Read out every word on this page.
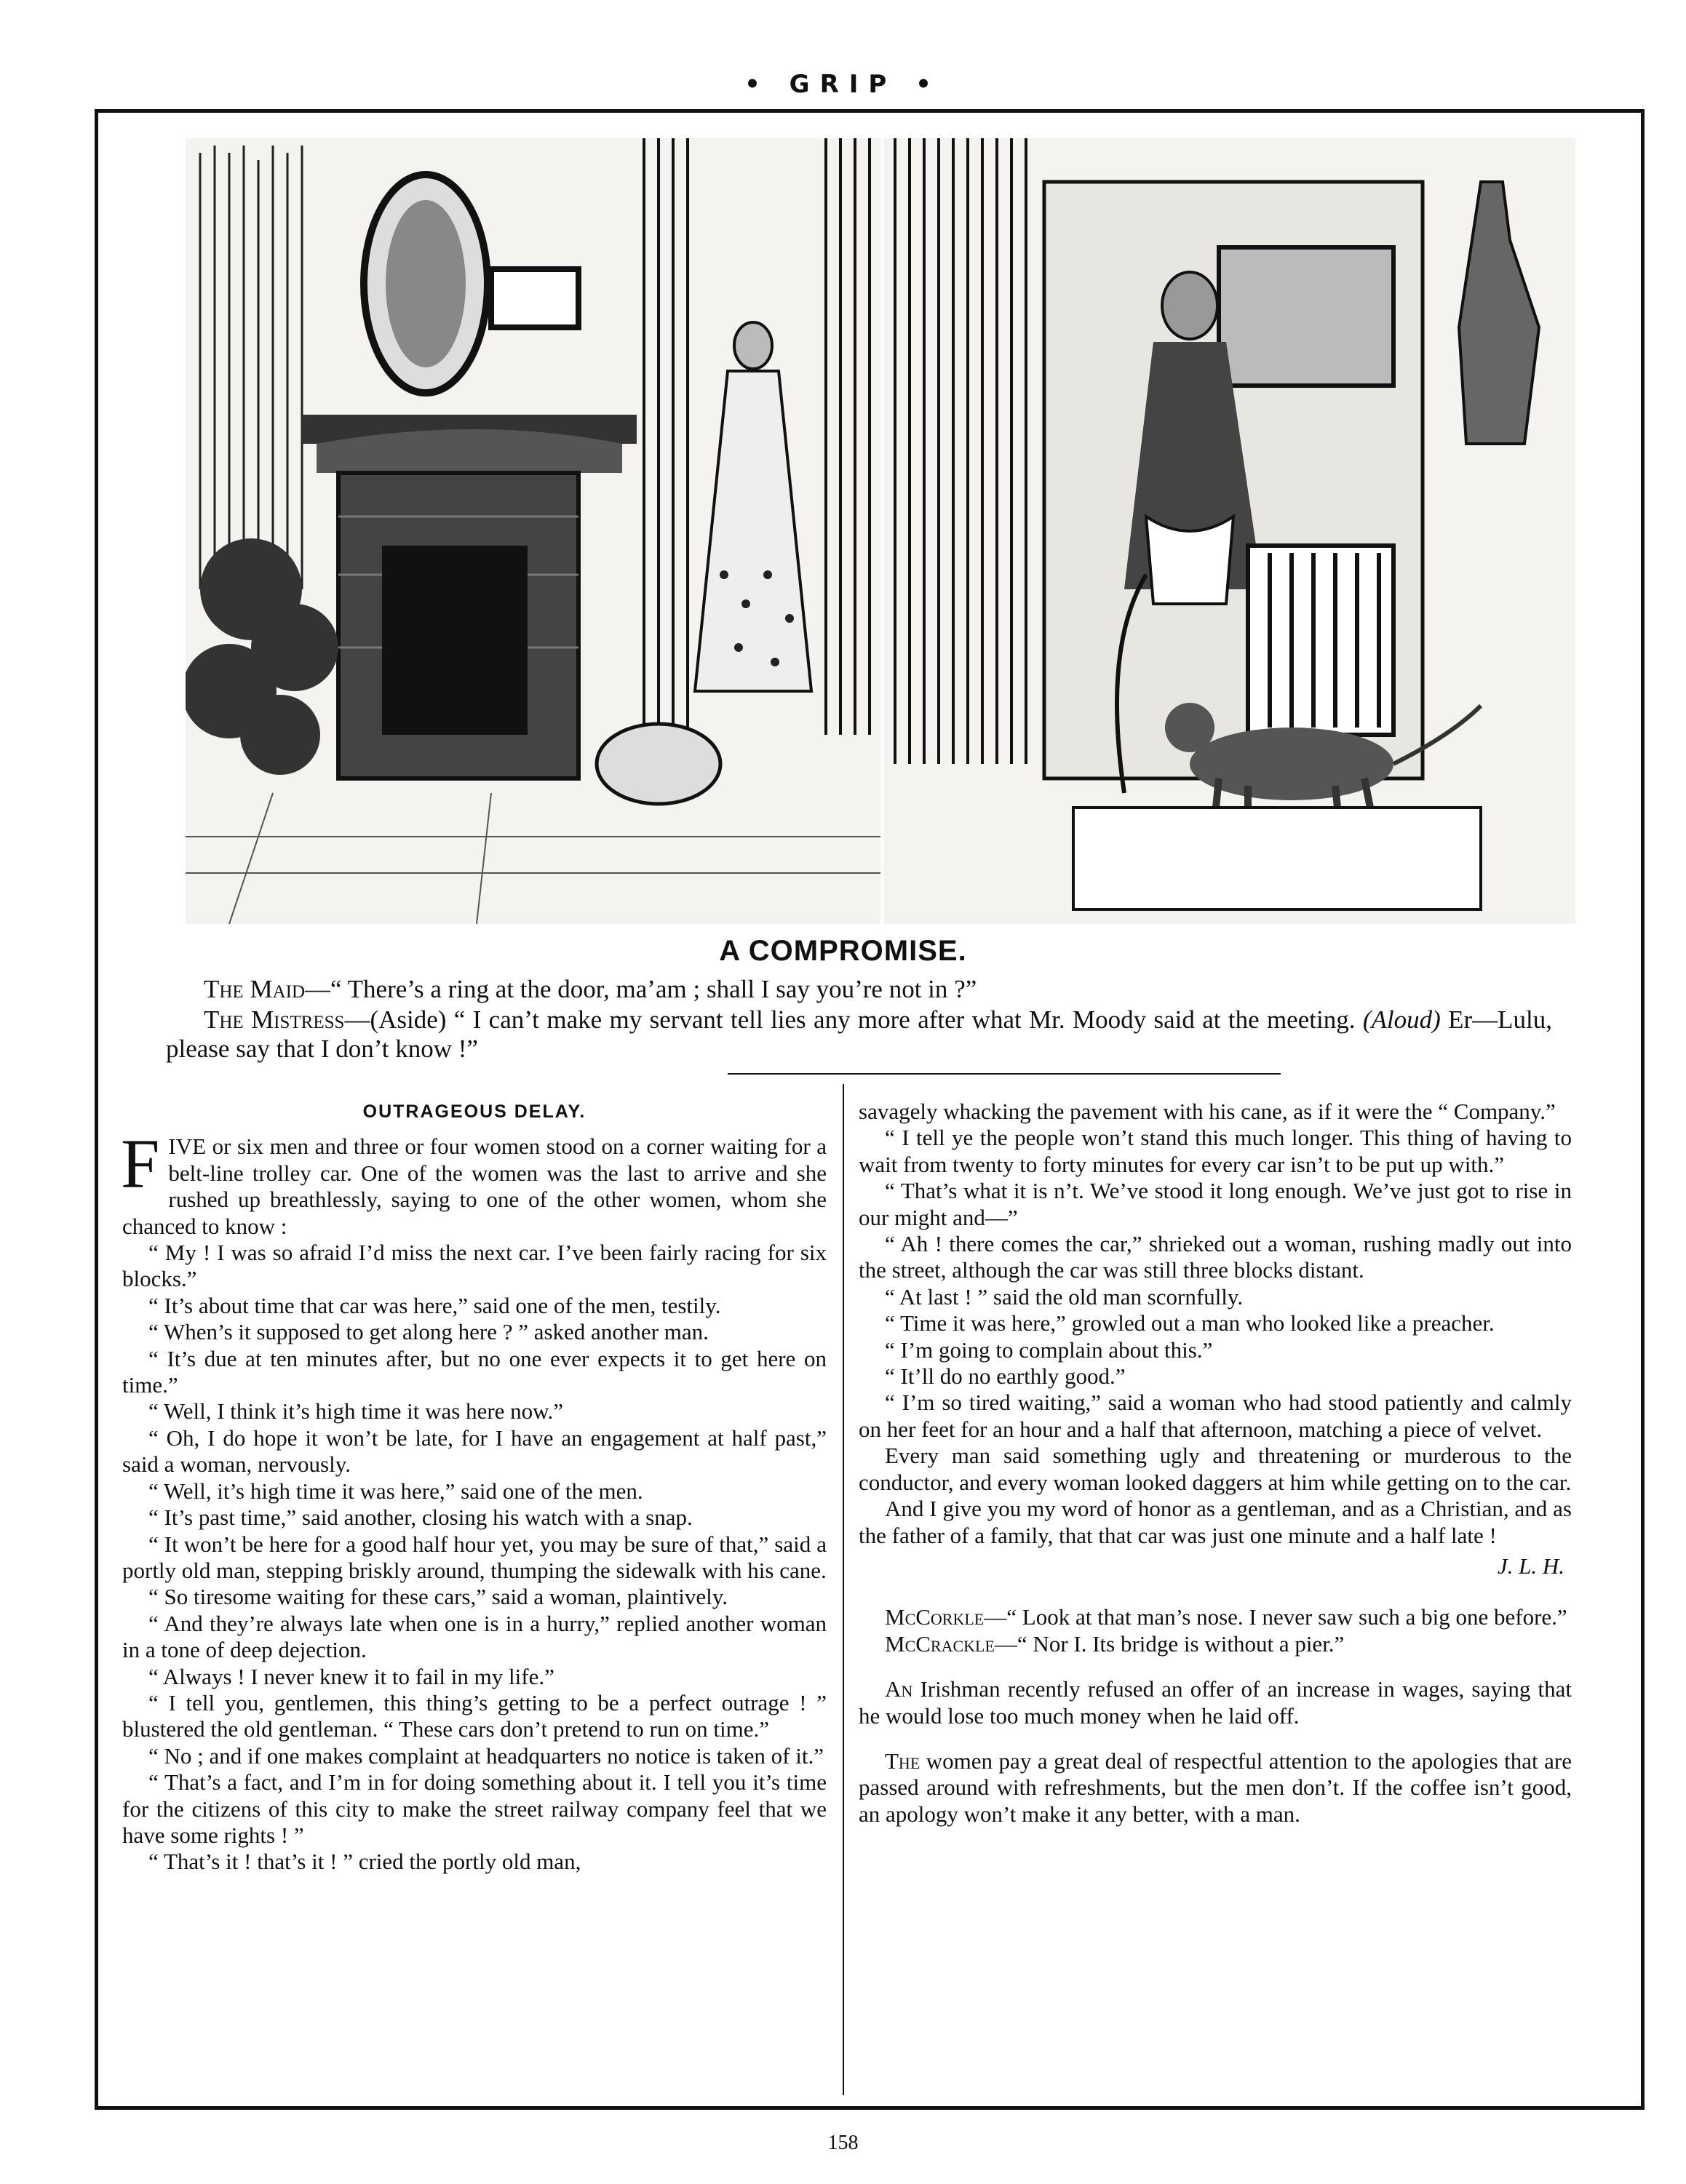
• GRIP •
A COMPROMISE.
The Maid—“ There’s a ring at the door, ma’am ; shall I say you’re not in ?”
The Mistress—(Aside) “ I can’t make my servant tell lies any more after what Mr. Moody said at the meeting. (Aloud) Er—Lulu, please say that I don’t know !”
OUTRAGEOUS DELAY.
F IVE or six men and three or four women stood on a corner waiting for a belt-line trolley car. One of the women was the last to arrive and she rushed up breathlessly, saying to one of the other women, whom she chanced to know :

“ My ! I was so afraid I’d miss the next car. I’ve been fairly racing for six blocks.”

“ It’s about time that car was here,” said one of the men, testily.

“ When’s it supposed to get along here ? ” asked another man.

“ It’s due at ten minutes after, but no one ever expects it to get here on time.”

“ Well, I think it’s high time it was here now.”

“ Oh, I do hope it won’t be late, for I have an engagement at half past,” said a woman, nervously.

“ Well, it’s high time it was here,” said one of the men.

“ It’s past time,” said another, closing his watch with a snap.

“ It won’t be here for a good half hour yet, you may be sure of that,” said a portly old man, stepping briskly around, thumping the sidewalk with his cane.

“ So tiresome waiting for these cars,” said a woman, plaintively.

“ And they’re always late when one is in a hurry,” replied another woman in a tone of deep dejection.

“ Always ! I never knew it to fail in my life.”

“ I tell you, gentlemen, this thing’s getting to be a perfect outrage ! ” blustered the old gentleman. “ These cars don’t pretend to run on time.”

“ No ; and if one makes complaint at headquarters no notice is taken of it.”

“ That’s a fact, and I’m in for doing something about it. I tell you it’s time for the citizens of this city to make the street railway company feel that we have some rights ! ”

“ That’s it ! that’s it ! ” cried the portly old man,

savagely whacking the pavement with his cane, as if it were the “ Company.”

“ I tell ye the people won’t stand this much longer. This thing of having to wait from twenty to forty minutes for every car isn’t to be put up with.”

“ That’s what it is n’t. We’ve stood it long enough. We’ve just got to rise in our might and—”

“ Ah ! there comes the car,” shrieked out a woman, rushing madly out into the street, although the car was still three blocks distant.

“ At last ! ” said the old man scornfully.

“ Time it was here,” growled out a man who looked like a preacher.

“ I’m going to complain about this.”

“ It’ll do no earthly good.”

“ I’m so tired waiting,” said a woman who had stood patiently and calmly on her feet for an hour and a half that afternoon, matching a piece of velvet.

Every man said something ugly and threatening or murderous to the conductor, and every woman looked daggers at him while getting on to the car.

And I give you my word of honor as a gentleman, and as a Christian, and as the father of a family, that that car was just one minute and a half late !

J. L. H.

McCorkle—“ Look at that man’s nose. I never saw such a big one before.”

McCrackle—“ Nor I. Its bridge is without a pier.”

An Irishman recently refused an offer of an increase in wages, saying that he would lose too much money when he laid off.

The women pay a great deal of respectful attention to the apologies that are passed around with refreshments, but the men don’t. If the coffee isn’t good, an apology won’t make it any better, with a man.

158
